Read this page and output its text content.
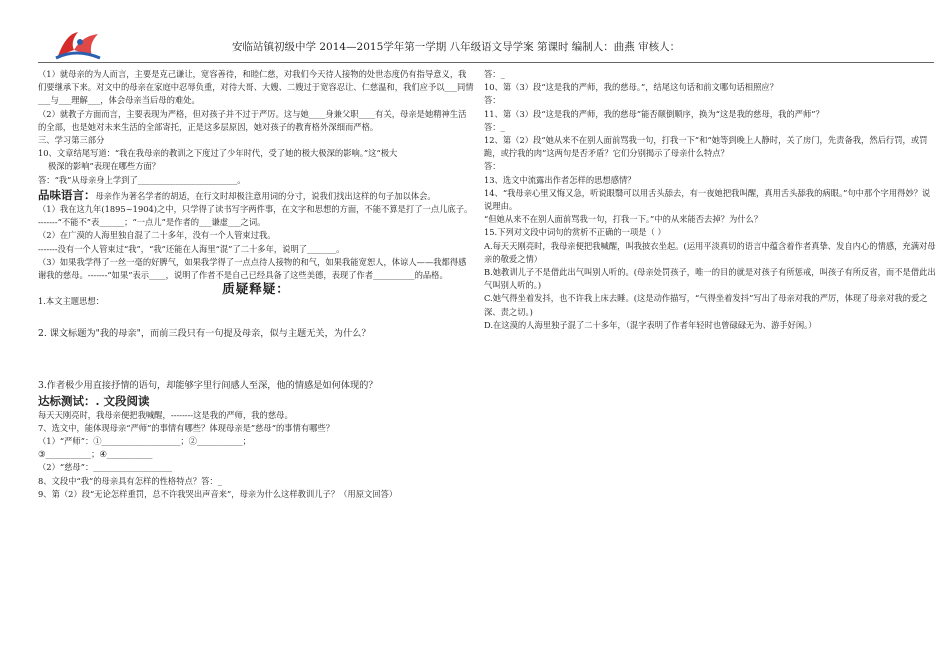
安临站镇初级中学 2014—2015学年第一学期 八年级语文导学案 第课时 编制人：曲燕 审核人：

（1）就母亲的为人而言，主要是克己谦让，宽容善待，和睦仁慈，对我们今天待人接物的处世态度仍有指导意义，我们要继承下来。对文中的母亲在家庭中忍辱负重，对待大哥、大嫂、二嫂过于宽容忍让、仁慈温和，我们应予以___同情___与___理解___，体会母亲当后母的难处。

（2）就教子方面而言，主要表现为严格，但对孩子并不过于严厉。这与她____身兼父职____有关，母亲是她精神生活的全部，也是她对未来生活的全部寄托，正是这多层原因，她对孩子的教育格外深细而严格。

三、学习第三部分

10、文章结尾写道：“我在我母亲的教训之下度过了少年时代，受了她的极大极深的影响。”这“极大

极深的影响”表现在哪些方面？

答：“我”从母亲身上学到了________________________。

品味语言：母亲作为著名学者的胡适，在行文时却极注意用词的分寸，说我们找出这样的句子加以体会。

（1）我在这九年(1895~1904)之中，只学得了读书写字两件事，在文字和思想的方面，不能不算是打了一点儿底子。

-------“不能不”表______；“一点儿”是作者的___谦虚___之词。

（2）在广漠的人海里独自混了二十多年，没有一个人管束过我。

-------没有一个人管束过“我”，“我”还能在人海里“混”了二十多年，说明了_______。

（3）如果我学得了一丝一毫的好脾气，如果我学得了一点点待人接物的和气，如果我能宽恕人，体谅人——我都得感谢我的慈母。-------“如果”表示____，说明了作者不是自己已经具备了这些美德，表现了作者__________的品格。

质疑释疑：

1.本文主题思想：

2. 课文标题为"我的母亲"，而前三段只有一句提及母亲，似与主题无关，为什么？

3.作者极少用直接抒情的语句，却能够字里行间感人至深，他的情感是如何体现的？

达标测试：. 文段阅读

每天天刚亮时，我母亲便把我喊醒，--------这是我的严师，我的慈母。

7、选文中，能体现母亲“严师”的事情有哪些？体现母亲是”慈母“的事情有哪些？

（1）“严师”：①___________________；②___________；

③___________；④___________

（2）“慈母”：___________________

8、文段中“我”的母亲具有怎样的性格特点？答：_

9、第（2）段“无论怎样重罚，总不许我哭出声音来”，母亲为什么这样教训儿子？（用原文回答）

答：_

10、第（3）段“这是我的严师，我的慈母。”，结尾这句话和前文哪句话相照应？

答：

11、第（3）段“这是我的严师，我的慈母”能否颠倒顺序，换为“这是我的慈母，我的严师”？

答：_

12、第（2）段“她从来不在别人面前骂我一句，打我一下”和“她等到晚上人静时，关了房门，先责备我，然后行罚，或罚跪，或拧我的肉”这两句是否矛盾？它们分别揭示了母亲什么特点？

答：

13、选文中流露出作者怎样的思想感情？

14、“我母亲心里又悔又急，听说眼翳可以用舌头舔去，有一夜她把我叫醒，真用舌头舔我的病眼。”句中那个字用得妙？说说理由。

“但她从来不在别人面前骂我一句，打我一下。”中的从来能否去掉？为什么？

15.下列对文段中词句的赏析不正确的一项是（ ）

A.每天天刚亮时，我母亲便把我喊醒，叫我披衣坐起。(运用平淡真切的语言中蕴含着作者真挚、发自内心的情感，充满对母亲的敬爱之情）

B.她教训儿子不是借此出气叫别人听的。(母亲处罚孩子，唯一的目的就是对孩子有所惩戒，叫孩子有所反省，而不是借此出气叫别人听的。)

C.她气得坐着发抖，也不许我上床去睡。(这是动作描写，“气得坐着发抖”写出了母亲对我的严厉，体现了母亲对我的爱之深、责之切。)

D.在这漠的人海里独子混了二十多年，（混字表明了作者年轻时也曾碌碌无为、游手好闲。）
